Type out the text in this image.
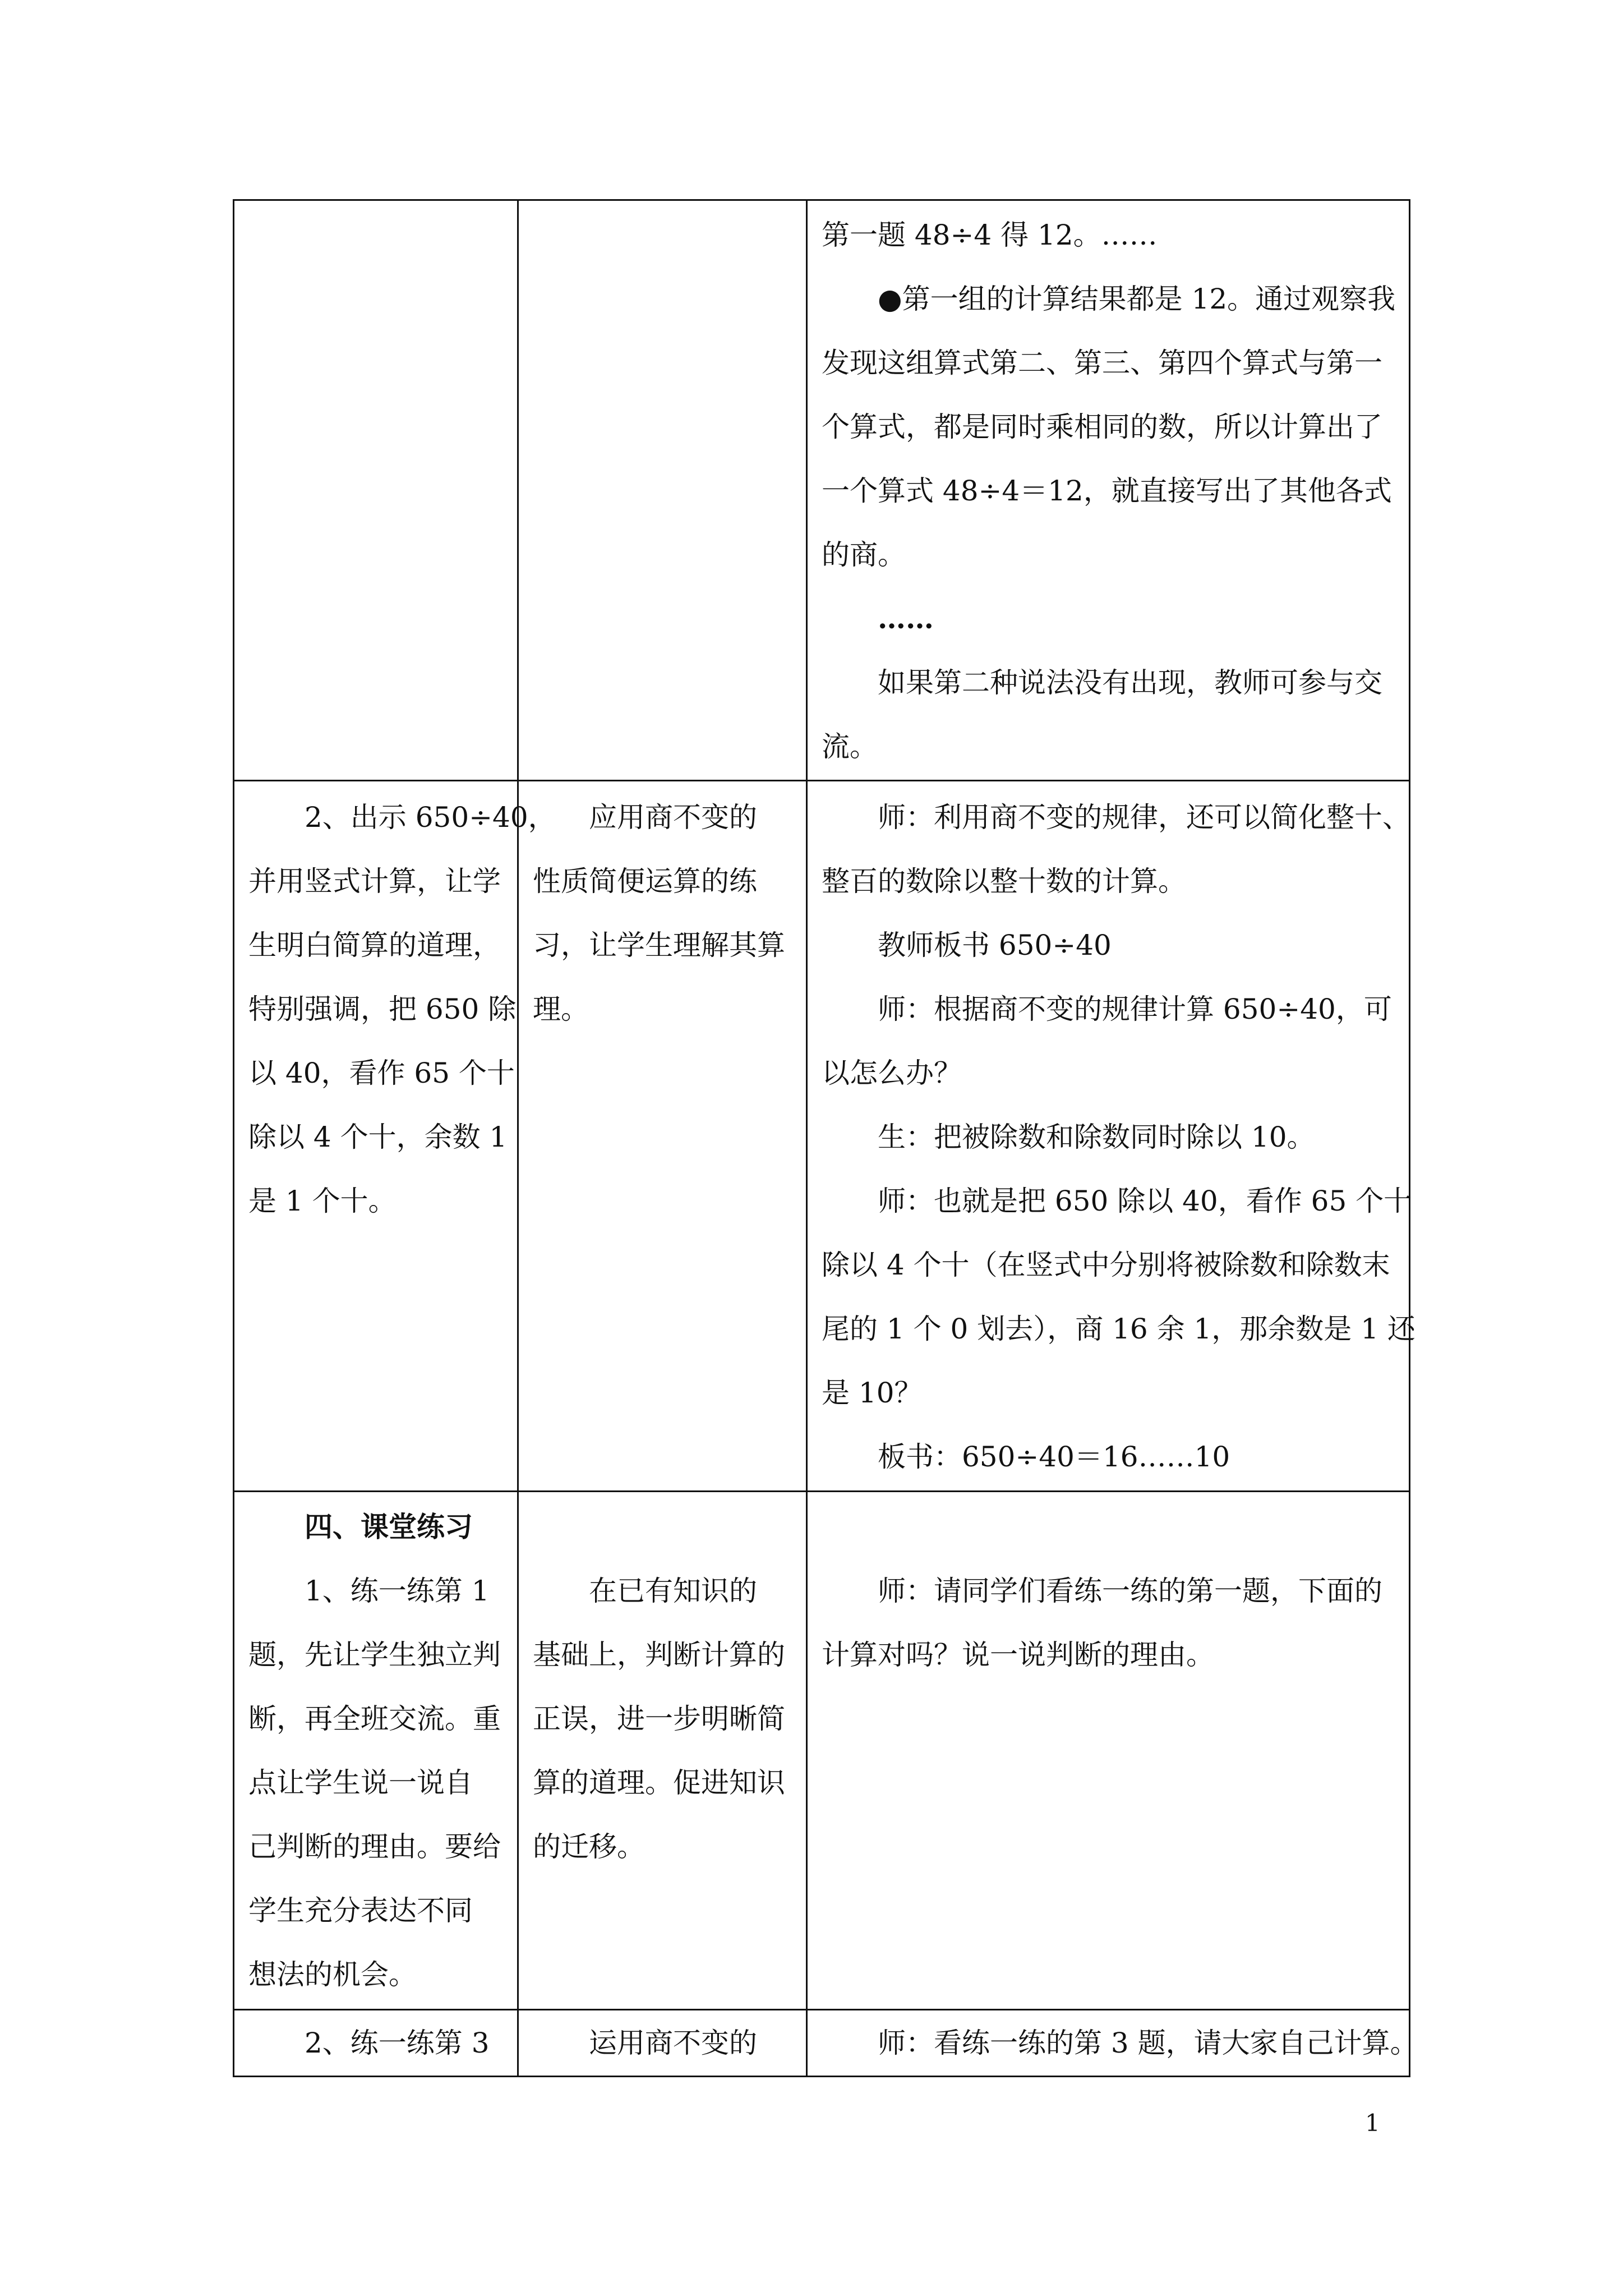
第一题 48÷4 得 12。……

●第一组的计算结果都是 12。通过观察我

发现这组算式第二、第三、第四个算式与第一

个算式，都是同时乘相同的数，所以计算出了

一个算式 48÷4＝12，就直接写出了其他各式

的商。

……

如果第二种说法没有出现，教师可参与交

流。

2、出示 650÷40，

并用竖式计算，让学

生明白简算的道理，

特别强调，把 650 除

以 40，看作 65 个十

除以 4 个十，余数 1

是 1 个十。

应用商不变的

性质简便运算的练

习，让学生理解其算

理。

师：利用商不变的规律，还可以简化整十、

整百的数除以整十数的计算。

教师板书 650÷40

师：根据商不变的规律计算 650÷40，可

以怎么办？

生：把被除数和除数同时除以 10。

师：也就是把 650 除以 40，看作 65 个十

除以 4 个十（在竖式中分别将被除数和除数末

尾的 1 个 0 划去），商 16 余 1，那余数是 1 还

是 10？

板书：650÷40＝16……10

四、课堂练习

1、练一练第 1

题，先让学生独立判

断，再全班交流。重

点让学生说一说自

己判断的理由。要给

学生充分表达不同

想法的机会。

在已有知识的

基础上，判断计算的

正误，进一步明晰简

算的道理。促进知识

的迁移。

师：请同学们看练一练的第一题，下面的

计算对吗？说一说判断的理由。

2、练一练第 3	运用商不变的	师：看练一练的第 3 题，请大家自己计算。

1
